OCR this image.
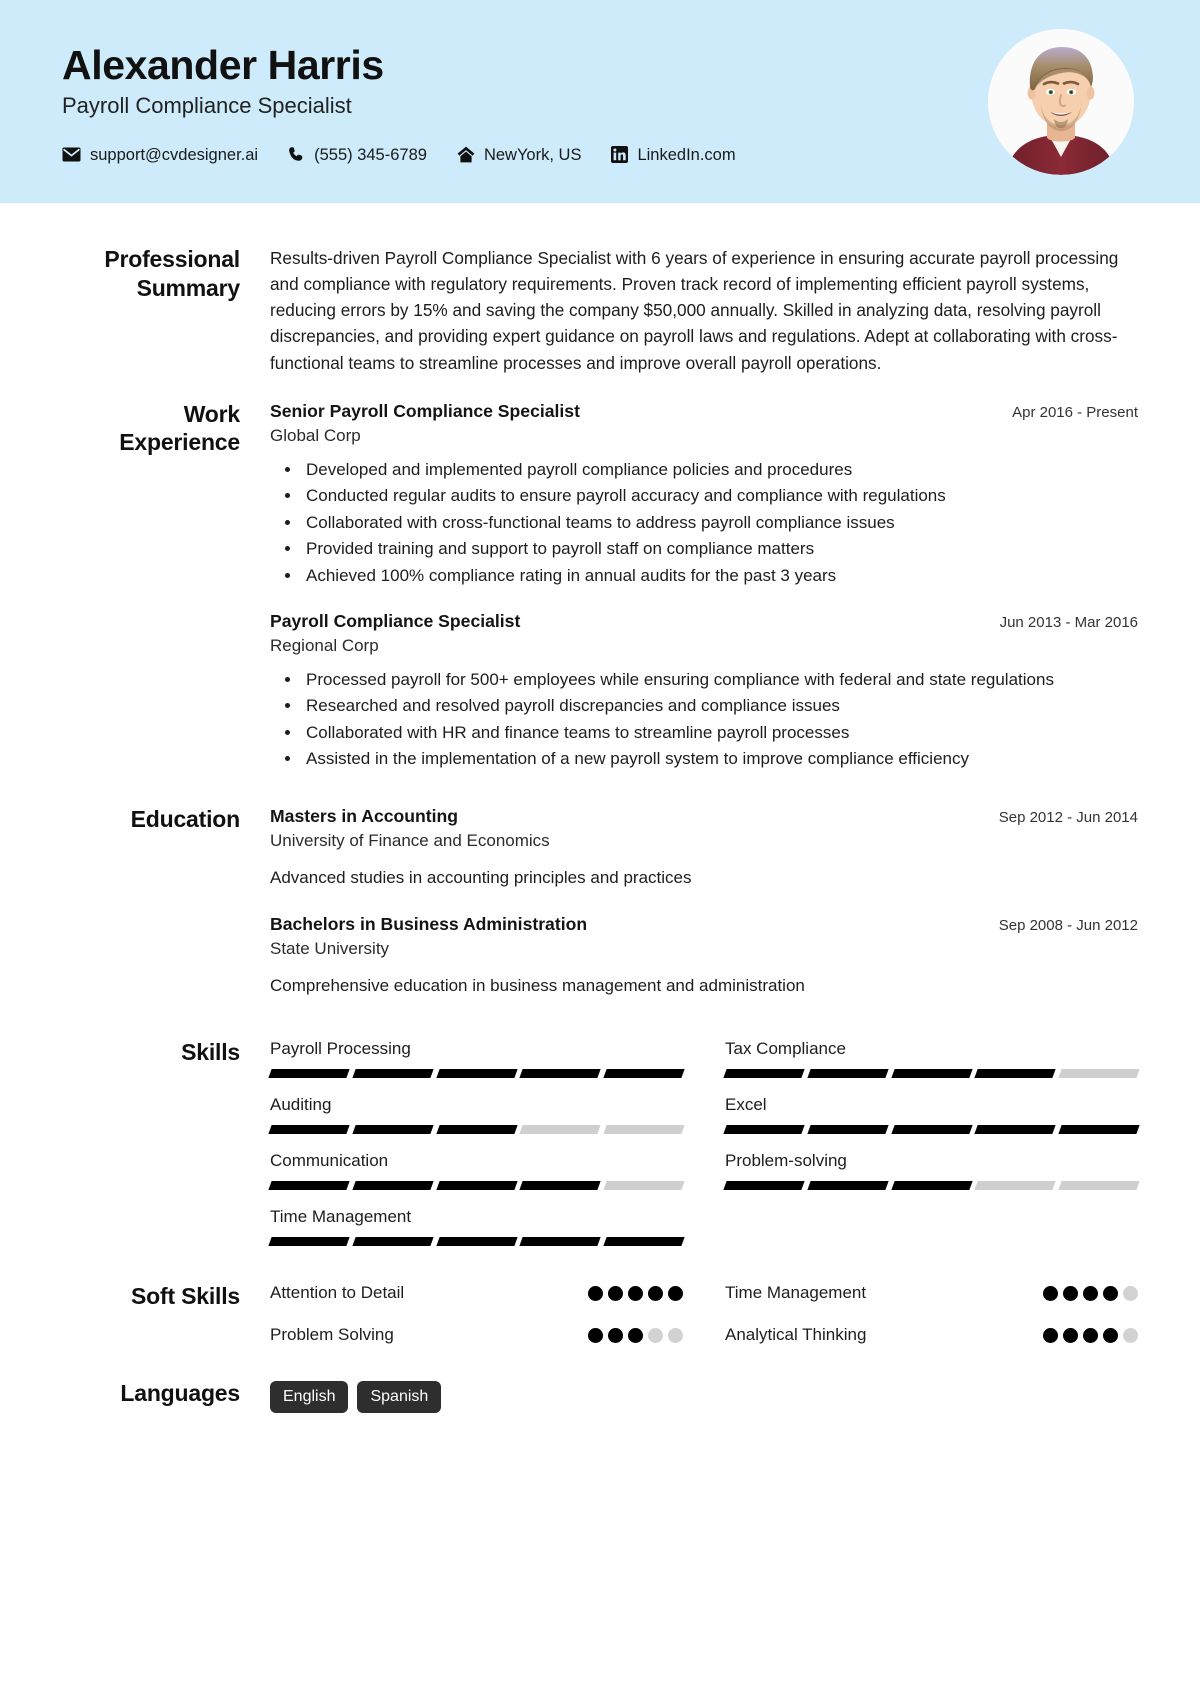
Alexander Harris
Payroll Compliance Specialist
support@cvdesigner.ai	(555) 345-6789	NewYork, US	LinkedIn.com
Professional Summary

Results-driven Payroll Compliance Specialist with 6 years of experience in ensuring accurate payroll processing and compliance with regulatory requirements. Proven track record of implementing efficient payroll systems, reducing errors by 15% and saving the company $50,000 annually. Skilled in analyzing data, resolving payroll discrepancies, and providing expert guidance on payroll laws and regulations. Adept at collaborating with cross-functional teams to streamline processes and improve overall payroll operations.

Work Experience
Senior Payroll Compliance Specialist	Apr 2016 - Present
Global Corp
• Developed and implemented payroll compliance policies and procedures
• Conducted regular audits to ensure payroll accuracy and compliance with regulations
• Collaborated with cross-functional teams to address payroll compliance issues
• Provided training and support to payroll staff on compliance matters
• Achieved 100% compliance rating in annual audits for the past 3 years
Payroll Compliance Specialist	Jun 2013 - Mar 2016
Regional Corp
• Processed payroll for 500+ employees while ensuring compliance with federal and state regulations
• Researched and resolved payroll discrepancies and compliance issues
• Collaborated with HR and finance teams to streamline payroll processes
• Assisted in the implementation of a new payroll system to improve compliance efficiency
Education	Masters in Accounting	Sep 2012 - Jun 2014
University of Finance and Economics
Advanced studies in accounting principles and practices
Bachelors in Business Administration	Sep 2008 - Jun 2012
State University
Comprehensive education in business management and administration
Skills	Payroll Processing	Tax Compliance
Auditing	Excel
Communication	Problem-solving
Time Management
Soft Skills	Attention to Detail	Time Management
Problem Solving	Analytical Thinking
Languages	English	Spanish
